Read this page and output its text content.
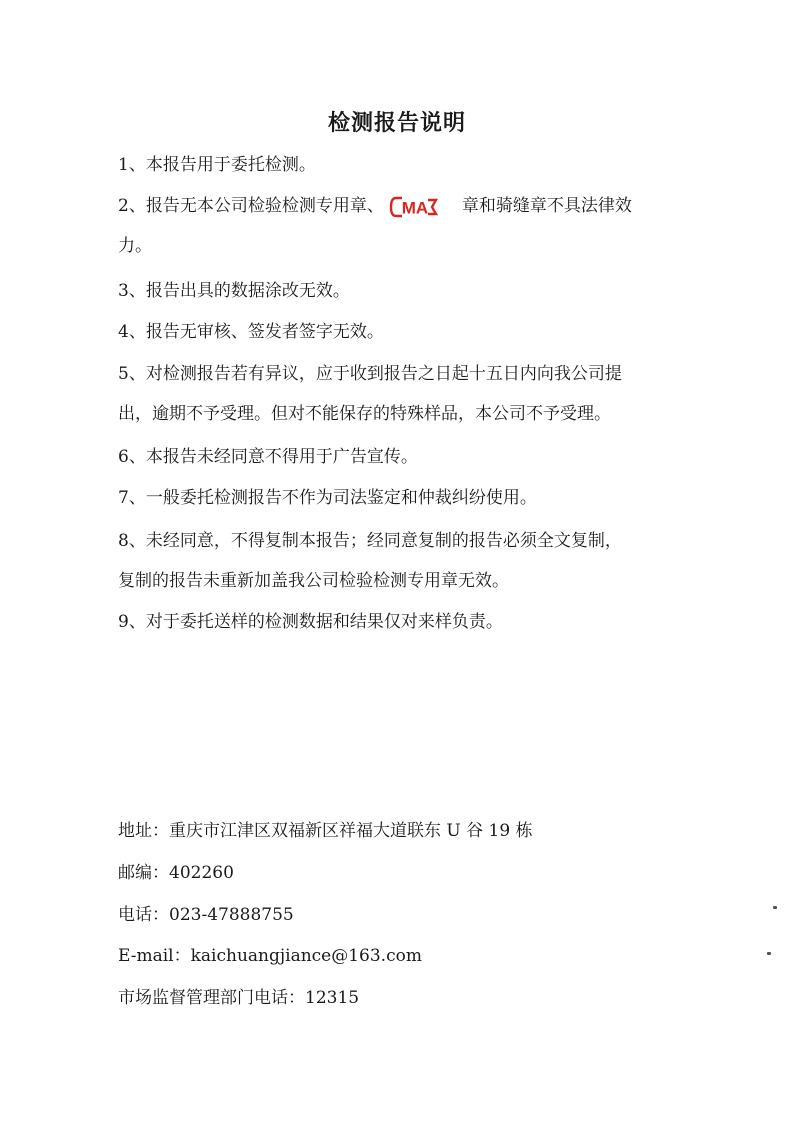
检测报告说明
1、本报告用于委托检测。
2、报告无本公司检验检测专用章、 MA 章和骑缝章不具法律效
力。
3、报告出具的数据涂改无效。
4、报告无审核、签发者签字无效。
5、对检测报告若有异议，应于收到报告之日起十五日内向我公司提
出，逾期不予受理。但对不能保存的特殊样品，本公司不予受理。
6、本报告未经同意不得用于广告宣传。
7、一般委托检测报告不作为司法鉴定和仲裁纠纷使用。
8、未经同意，不得复制本报告；经同意复制的报告必须全文复制，
复制的报告未重新加盖我公司检验检测专用章无效。
9、对于委托送样的检测数据和结果仅对来样负责。
地址：重庆市江津区双福新区祥福大道联东 U 谷 19 栋
邮编：402260
电话：023-47888755
E-mail：kaichuangjiance@163.com
市场监督管理部门电话：12315
